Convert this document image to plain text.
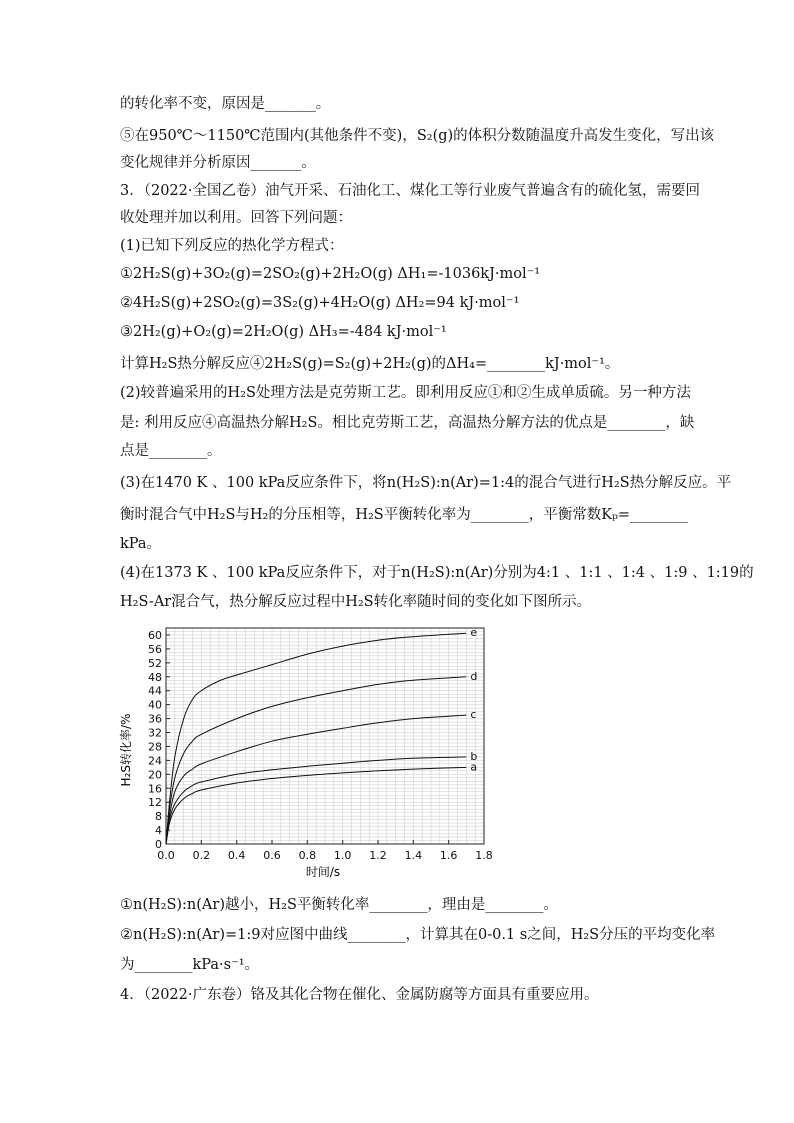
的转化率不变，原因是_______。
⑤在950℃～1150℃范围内(其他条件不变)，S₂(g)的体积分数随温度升高发生变化，写出该
变化规律并分析原因_______。
3．（2022·全国乙卷）油气开采、石油化工、煤化工等行业废气普遍含有的硫化氢，需要回
收处理并加以利用。回答下列问题：
(1)已知下列反应的热化学方程式：
①2H₂S(g)+3O₂(g)=2SO₂(g)+2H₂O(g) ΔH₁=-1036kJ·mol⁻¹
②4H₂S(g)+2SO₂(g)=3S₂(g)+4H₂O(g) ΔH₂=94 kJ·mol⁻¹
③2H₂(g)+O₂(g)=2H₂O(g) ΔH₃=-484 kJ·mol⁻¹
计算H₂S热分解反应④2H₂S(g)=S₂(g)+2H₂(g)的ΔH₄=________kJ·mol⁻¹。
(2)较普遍采用的H₂S处理方法是克劳斯工艺。即利用反应①和②生成单质硫。另一种方法
是: 利用反应④高温热分解H₂S。相比克劳斯工艺，高温热分解方法的优点是________，缺
点是________。
(3)在1470 K 、100 kPa反应条件下，将n(H₂S):n(Ar)=1:4的混合气进行H₂S热分解反应。平
衡时混合气中H₂S与H₂的分压相等，H₂S平衡转化率为________，平衡常数Kₚ=________
kPa。
(4)在1373 K 、100 kPa反应条件下，对于n(H₂S):n(Ar)分别为4:1 、1:1 、1:4 、1:9 、1:19的
H₂S-Ar混合气，热分解反应过程中H₂S转化率随时间的变化如下图所示。
①n(H₂S):n(Ar)越小，H₂S平衡转化率________，理由是________。
②n(H₂S):n(Ar)=1:9对应图中曲线________，计算其在0-0.1 s之间，H₂S分压的平均变化率
为________kPa·s⁻¹。
4．（2022·广东卷）铬及其化合物在催化、金属防腐等方面具有重要应用。
0.0 0.2 0.4 0.6 0.8 1.0 1.2 1.4 1.6 1.8
0
4
8
12
16
20
24
28
32
36
40
44
48
52
56
60
a
b
c
d
e
时间/s
H₂S转化率/%
